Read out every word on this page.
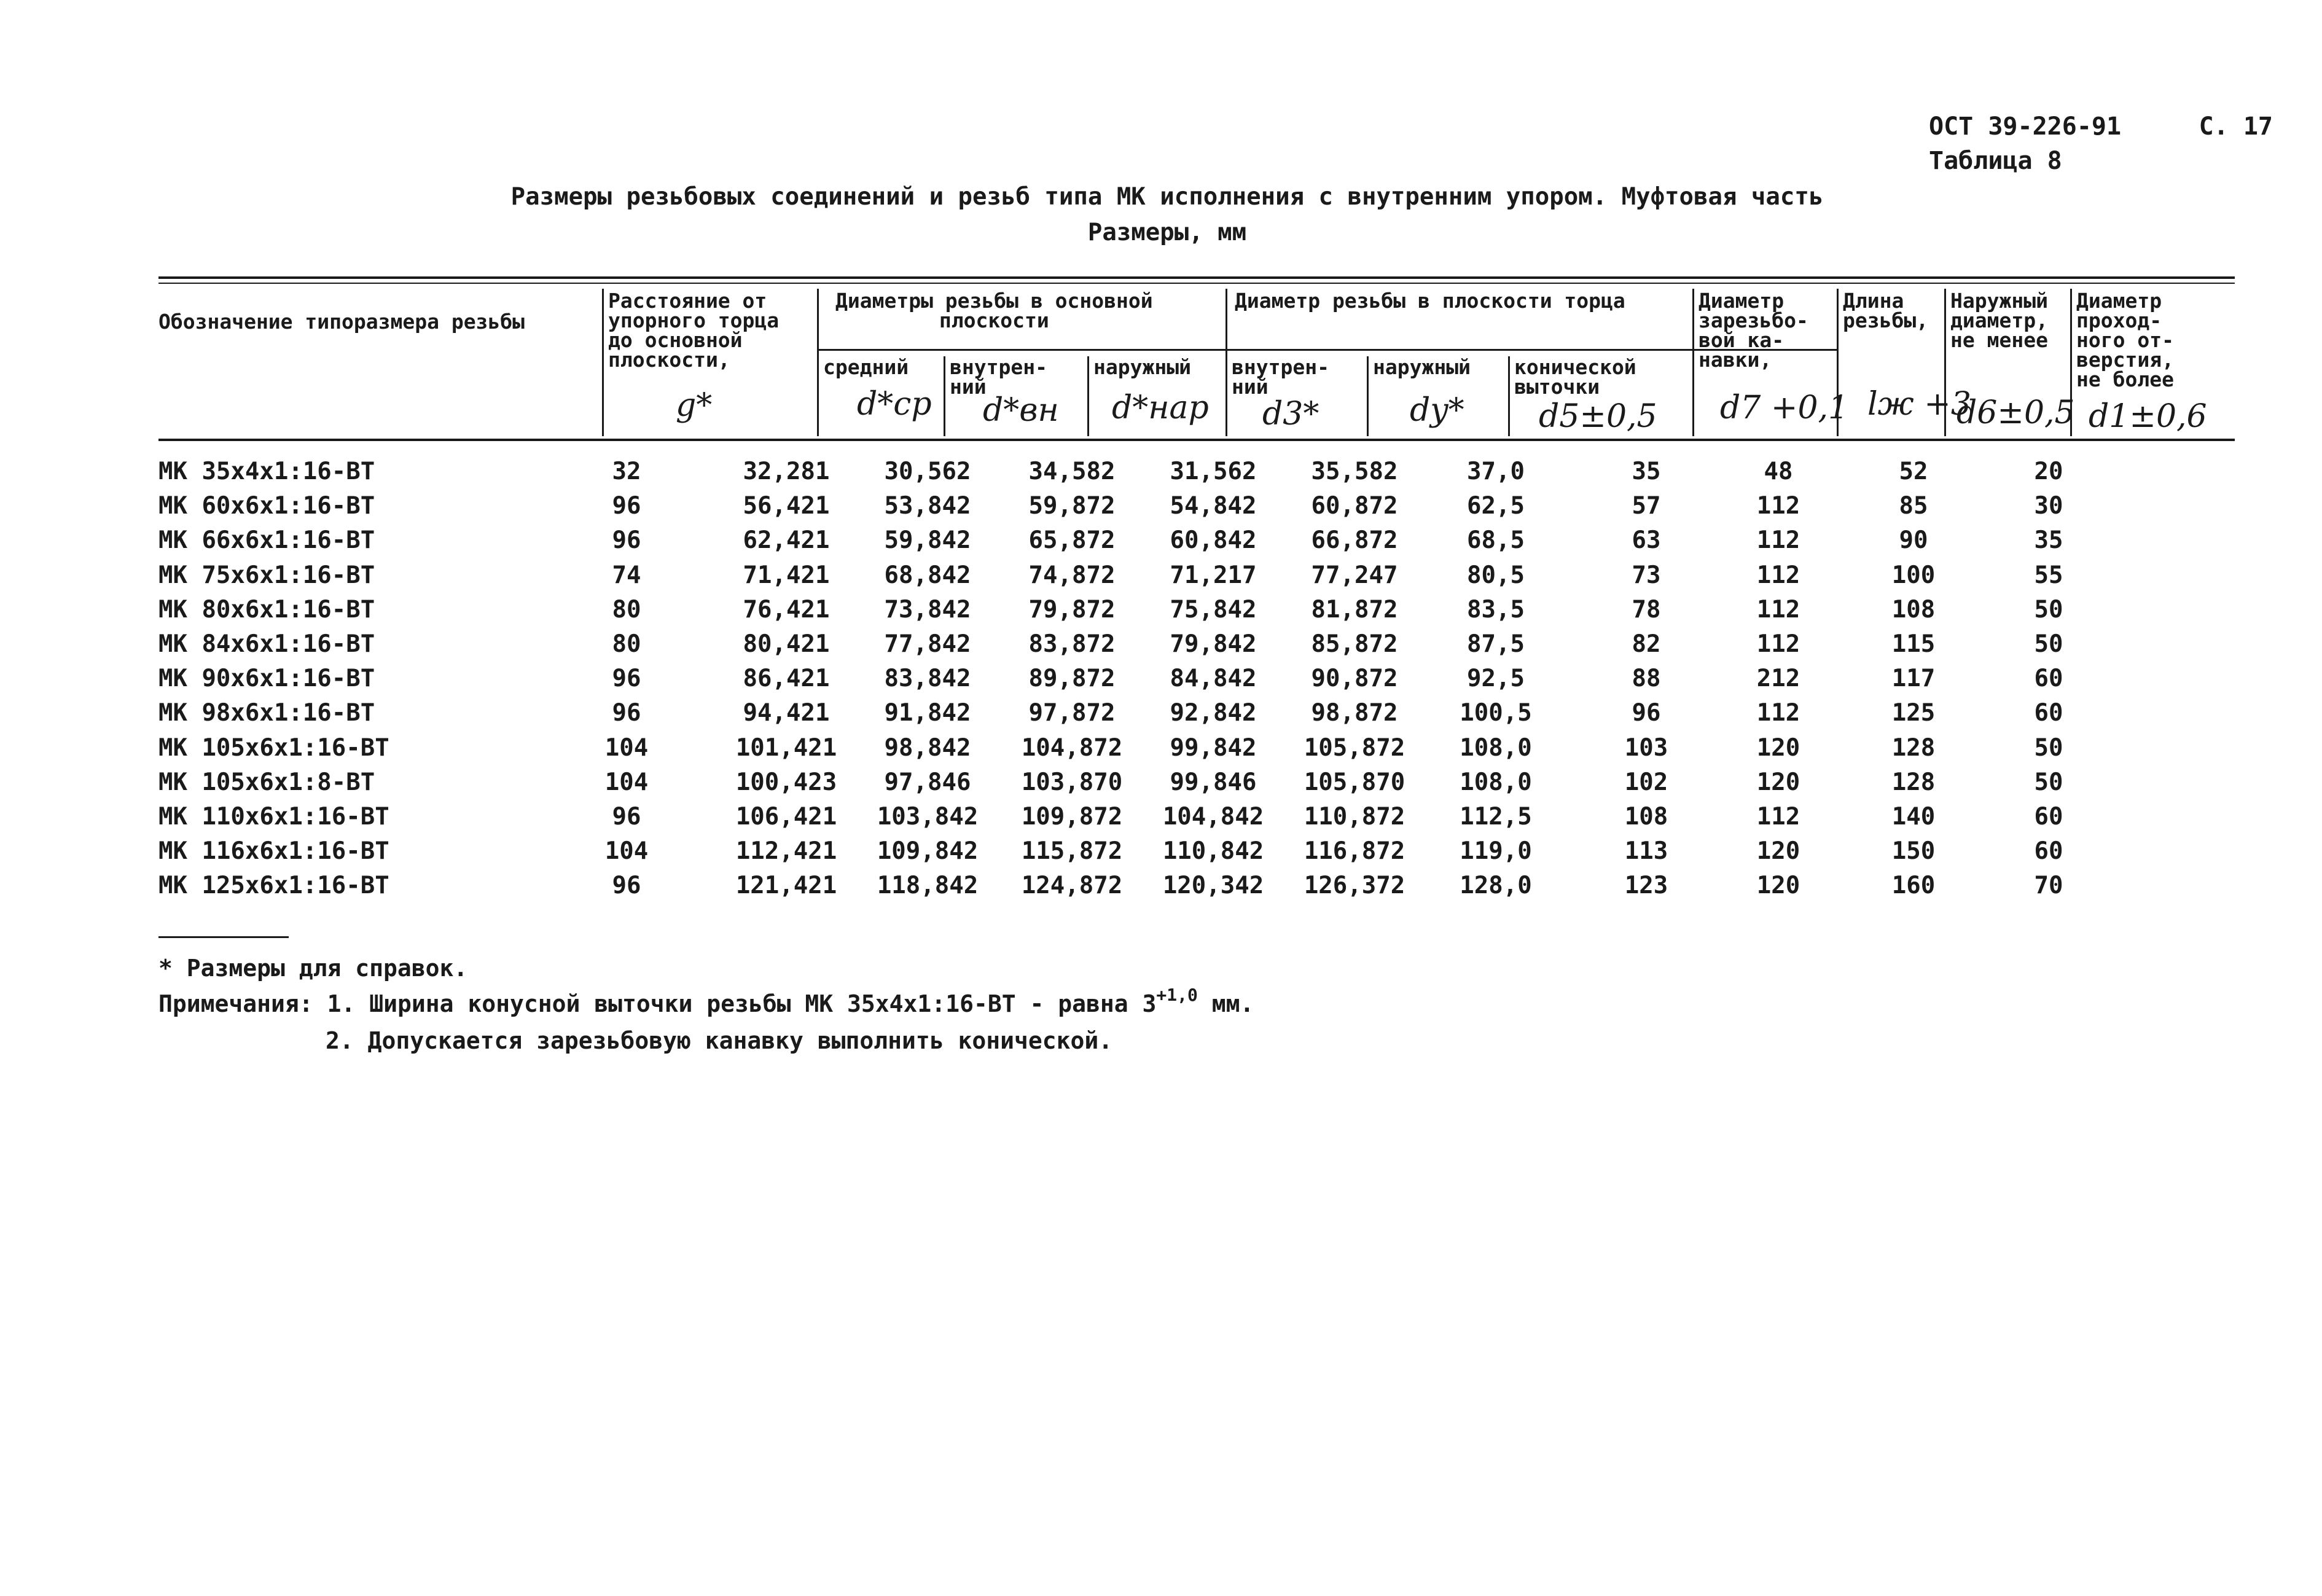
ОСТ 39-226-91	С. 17
Таблица 8
Размеры резьбовых соединений и резьб типа МК исполнения с внутренним упором. Муфтовая часть
Размеры, мм
Обозначение типоразмера резьбы
Расстояние от
упорного торца
до основной
плоскости,
g*
Диаметры резьбы в основной
плоскости
средний
d*ср
внутрен-
ний
d*вн
наружный
d*нар
Диаметр резьбы в плоскости торца
внутрен-
ний
d3*
наружный
dy*
конической
выточки
d5±0,5
Диаметр
зарезьбо-
вой ка-
навки,
d7 +0,1
Длина
резьбы,
lж +3
Наружный
диаметр,
не менее
d6±0,5
Диаметр
проход-
ного от-
верстия,
не более
d1±0,6
МК 35x4x1:16-ВТ	32	32,281	30,562	34,582	31,562	35,582	37,0	35	48	52	20
МК 60x6x1:16-ВТ	96	56,421	53,842	59,872	54,842	60,872	62,5	57	112	85	30
МК 66x6x1:16-ВТ	96	62,421	59,842	65,872	60,842	66,872	68,5	63	112	90	35
МК 75x6x1:16-ВТ	74	71,421	68,842	74,872	71,217	77,247	80,5	73	112	100	55
МК 80x6x1:16-ВТ	80	76,421	73,842	79,872	75,842	81,872	83,5	78	112	108	50
МК 84x6x1:16-ВТ	80	80,421	77,842	83,872	79,842	85,872	87,5	82	112	115	50
МК 90x6x1:16-ВТ	96	86,421	83,842	89,872	84,842	90,872	92,5	88	212	117	60
МК 98x6x1:16-ВТ	96	94,421	91,842	97,872	92,842	98,872	100,5	96	112	125	60
МК 105x6x1:16-ВТ	104	101,421	98,842	104,872	99,842	105,872	108,0	103	120	128	50
МК 105x6x1:8-ВТ	104	100,423	97,846	103,870	99,846	105,870	108,0	102	120	128	50
МК 110x6x1:16-ВТ	96	106,421	103,842	109,872	104,842	110,872	112,5	108	112	140	60
МК 116x6x1:16-ВТ	104	112,421	109,842	115,872	110,842	116,872	119,0	113	120	150	60
МК 125x6x1:16-ВТ	96	121,421	118,842	124,872	120,342	126,372	128,0	123	120	160	70
* Размеры для справок.
Примечания: 1. Ширина конусной выточки резьбы МК 35x4x1:16-ВТ - равна $3^{+1,0}$ мм.
2. Допускается зарезьбовую канавку выполнить конической.
